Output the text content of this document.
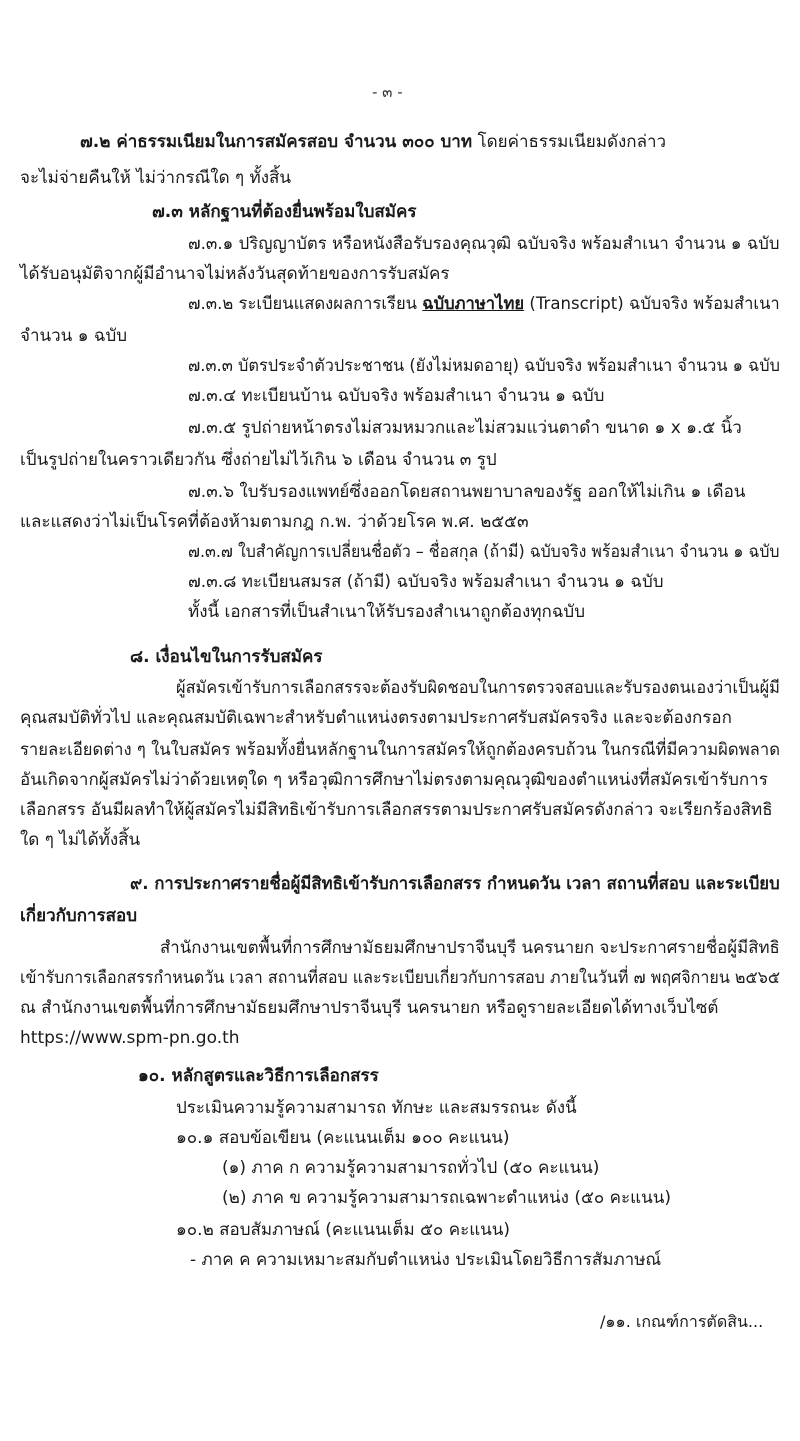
- ๓ -
๗.๒ ค่าธรรมเนียมในการสมัครสอบ จำนวน ๓๐๐ บาท โดยค่าธรรมเนียมดังกล่าว
จะไม่จ่ายคืนให้ ไม่ว่ากรณีใด ๆ ทั้งสิ้น
๗.๓ หลักฐานที่ต้องยื่นพร้อมใบสมัคร
๗.๓.๑ ปริญญาบัตร หรือหนังสือรับรองคุณวุฒิ ฉบับจริง พร้อมสำเนา จำนวน ๑ ฉบับ
ได้รับอนุมัติจากผู้มีอำนาจไม่หลังวันสุดท้ายของการรับสมัคร
๗.๓.๒ ระเบียนแสดงผลการเรียน ฉบับภาษาไทย (Transcript) ฉบับจริง พร้อมสำเนา
จำนวน ๑ ฉบับ
๗.๓.๓ บัตรประจำตัวประชาชน (ยังไม่หมดอายุ) ฉบับจริง พร้อมสำเนา จำนวน ๑ ฉบับ
๗.๓.๔ ทะเบียนบ้าน ฉบับจริง พร้อมสำเนา จำนวน ๑ ฉบับ
๗.๓.๕ รูปถ่ายหน้าตรงไม่สวมหมวกและไม่สวมแว่นตาดำ ขนาด ๑ x ๑.๕ นิ้ว
เป็นรูปถ่ายในคราวเดียวกัน ซึ่งถ่ายไม่ไว้เกิน ๖ เดือน จำนวน ๓ รูป
๗.๓.๖ ใบรับรองแพทย์ซึ่งออกโดยสถานพยาบาลของรัฐ ออกให้ไม่เกิน ๑ เดือน
และแสดงว่าไม่เป็นโรคที่ต้องห้ามตามกฎ ก.พ. ว่าด้วยโรค พ.ศ. ๒๕๕๓
๗.๓.๗ ใบสำคัญการเปลี่ยนชื่อตัว – ชื่อสกุล (ถ้ามี) ฉบับจริง พร้อมสำเนา จำนวน ๑ ฉบับ
๗.๓.๘ ทะเบียนสมรส (ถ้ามี) ฉบับจริง พร้อมสำเนา จำนวน ๑ ฉบับ
ทั้งนี้ เอกสารที่เป็นสำเนาให้รับรองสำเนาถูกต้องทุกฉบับ
๘. เงื่อนไขในการรับสมัคร
ผู้สมัครเข้ารับการเลือกสรรจะต้องรับผิดชอบในการตรวจสอบและรับรองตนเองว่าเป็นผู้มี
คุณสมบัติทั่วไป และคุณสมบัติเฉพาะสำหรับตำแหน่งตรงตามประกาศรับสมัครจริง และจะต้องกรอก
รายละเอียดต่าง ๆ ในใบสมัคร พร้อมทั้งยื่นหลักฐานในการสมัครให้ถูกต้องครบถ้วน ในกรณีที่มีความผิดพลาด
อันเกิดจากผู้สมัครไม่ว่าด้วยเหตุใด ๆ หรือวุฒิการศึกษาไม่ตรงตามคุณวุฒิของตำแหน่งที่สมัครเข้ารับการ
เลือกสรร อันมีผลทำให้ผู้สมัครไม่มีสิทธิเข้ารับการเลือกสรรตามประกาศรับสมัครดังกล่าว จะเรียกร้องสิทธิ
ใด ๆ ไม่ได้ทั้งสิ้น
๙. การประกาศรายชื่อผู้มีสิทธิเข้ารับการเลือกสรร กำหนดวัน เวลา สถานที่สอบ และระเบียบ
เกี่ยวกับการสอบ
สำนักงานเขตพื้นที่การศึกษามัธยมศึกษาปราจีนบุรี นครนายก จะประกาศรายชื่อผู้มีสิทธิ
เข้ารับการเลือกสรรกำหนดวัน เวลา สถานที่สอบ และระเบียบเกี่ยวกับการสอบ ภายในวันที่ ๗ พฤศจิกายน ๒๕๖๕
ณ สำนักงานเขตพื้นที่การศึกษามัธยมศึกษาปราจีนบุรี นครนายก หรือดูรายละเอียดได้ทางเว็บไซต์
https://www.spm-pn.go.th
๑๐. หลักสูตรและวิธีการเลือกสรร
ประเมินความรู้ความสามารถ ทักษะ และสมรรถนะ ดังนี้
๑๐.๑ สอบข้อเขียน (คะแนนเต็ม ๑๐๐ คะแนน)
(๑) ภาค ก ความรู้ความสามารถทั่วไป (๕๐ คะแนน)
(๒) ภาค ข ความรู้ความสามารถเฉพาะตำแหน่ง (๕๐ คะแนน)
๑๐.๒ สอบสัมภาษณ์ (คะแนนเต็ม ๕๐ คะแนน)
- ภาค ค ความเหมาะสมกับตำแหน่ง ประเมินโดยวิธีการสัมภาษณ์
/๑๑. เกณฑ์การตัดสิน...
